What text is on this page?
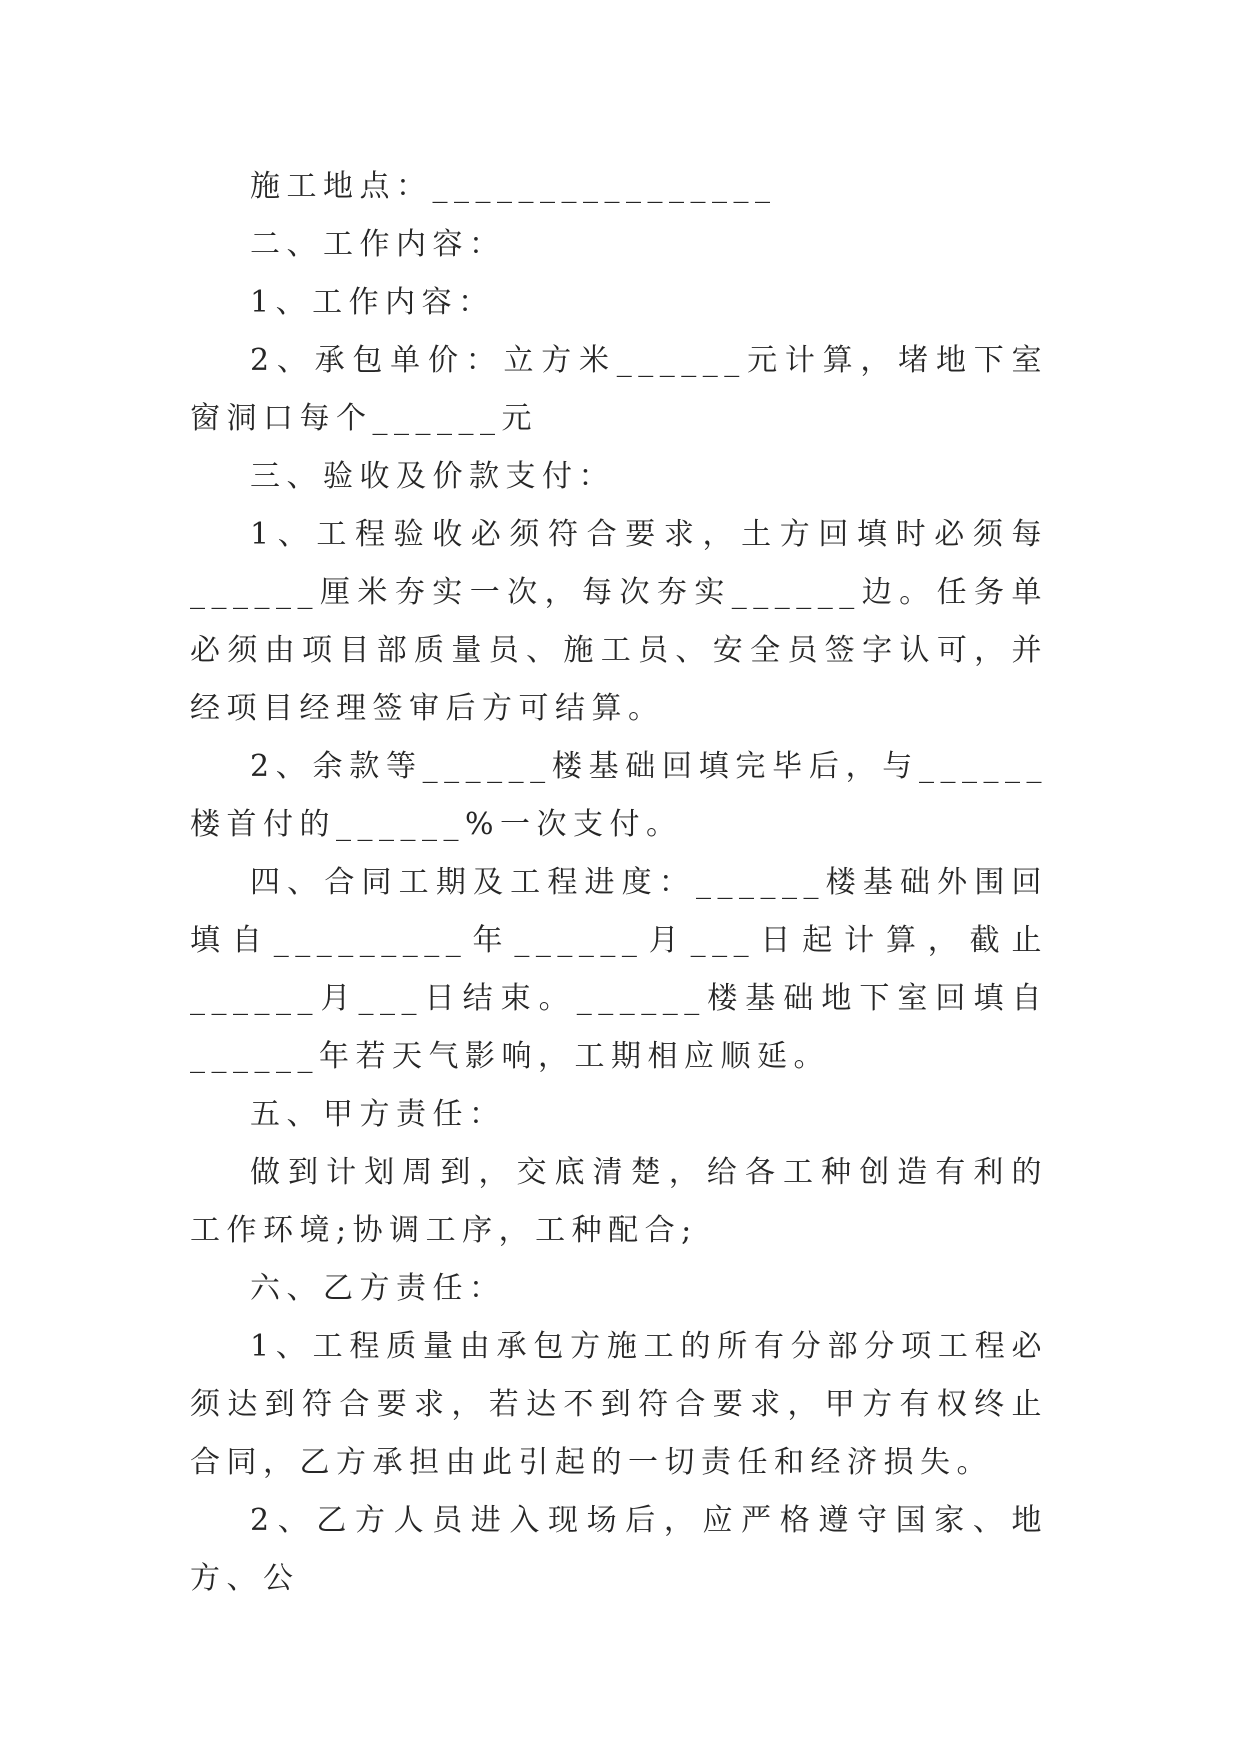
施工地点：________________

二、工作内容：

1、工作内容：

2、承包单价：立方米______元计算，堵地下室窗洞口每个______元

三、验收及价款支付：

1、工程验收必须符合要求，土方回填时必须每______厘米夯实一次，每次夯实______边。任务单必须由项目部质量员、施工员、安全员签字认可，并经项目经理签审后方可结算。

2、余款等______楼基础回填完毕后，与______楼首付的______%一次支付。

四、合同工期及工程进度：______楼基础外围回填自_________年______月___日起计算，截止______月___日结束。______楼基础地下室回填自______年若天气影响，工期相应顺延。

五、甲方责任：

做到计划周到，交底清楚，给各工种创造有利的工作环境;协调工序，工种配合;

六、乙方责任：

1、工程质量由承包方施工的所有分部分项工程必须达到符合要求，若达不到符合要求，甲方有权终止合同，乙方承担由此引起的一切责任和经济损失。

2、乙方人员进入现场后，应严格遵守国家、地方、公
